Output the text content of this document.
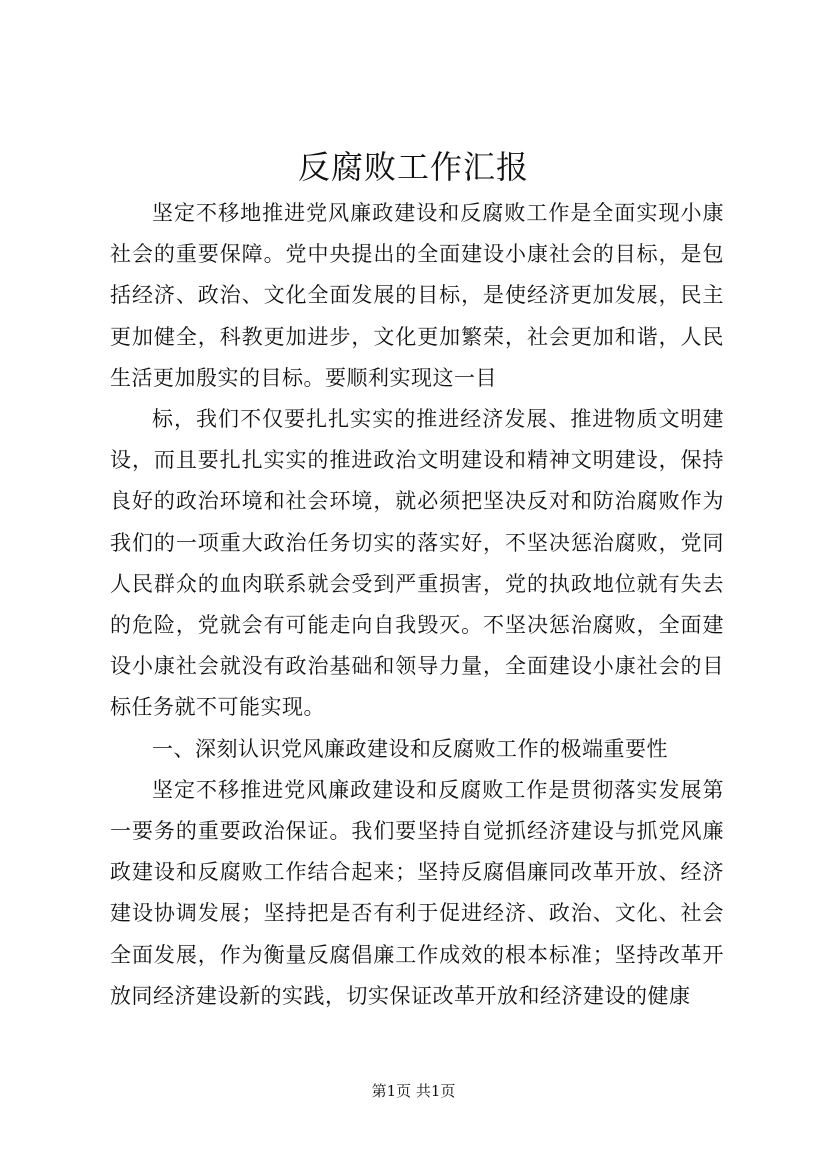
反腐败工作汇报

坚定不移地推进党风廉政建设和反腐败工作是全面实现小康社会的重要保障。党中央提出的全面建设小康社会的目标，是包括经济、政治、文化全面发展的目标，是使经济更加发展，民主更加健全，科教更加进步，文化更加繁荣，社会更加和谐，人民生活更加殷实的目标。要顺利实现这一目

标，我们不仅要扎扎实实的推进经济发展、推进物质文明建设，而且要扎扎实实的推进政治文明建设和精神文明建设，保持良好的政治环境和社会环境，就必须把坚决反对和防治腐败作为我们的一项重大政治任务切实的落实好，不坚决惩治腐败，党同人民群众的血肉联系就会受到严重损害，党的执政地位就有失去的危险，党就会有可能走向自我毁灭。不坚决惩治腐败，全面建设小康社会就没有政治基础和领导力量，全面建设小康社会的目标任务就不可能实现。

一、深刻认识党风廉政建设和反腐败工作的极端重要性

坚定不移推进党风廉政建设和反腐败工作是贯彻落实发展第一要务的重要政治保证。我们要坚持自觉抓经济建设与抓党风廉政建设和反腐败工作结合起来；坚持反腐倡廉同改革开放、经济建设协调发展；坚持把是否有利于促进经济、政治、文化、社会全面发展，作为衡量反腐倡廉工作成效的根本标准；坚持改革开放同经济建设新的实践，切实保证改革开放和经济建设的健康

第1页 共1页
